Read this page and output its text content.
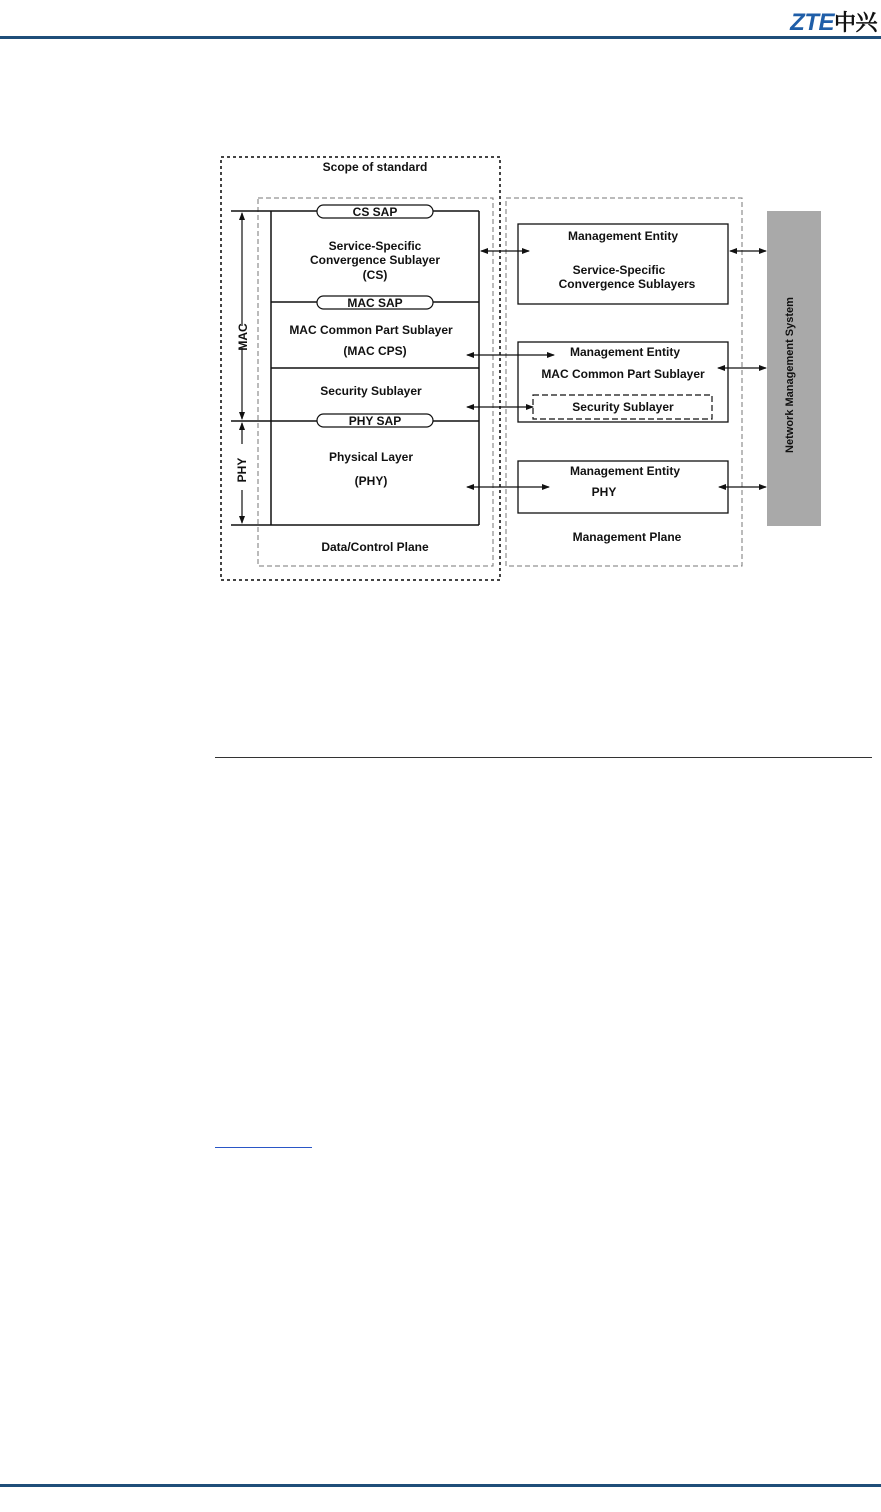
ZTE中兴
Scope of standard
CS SAP
MAC SAP
PHY SAP
Service-Specific
Convergence Sublayer
(CS)
MAC Common Part Sublayer
(MAC CPS)
Security Sublayer
Physical Layer
(PHY)
Data/Control Plane
MAC
PHY
Management Entity
Service-Specific
Convergence Sublayers
Management Entity
MAC Common Part Sublayer
Security Sublayer
Management Entity
PHY
Management Plane
Network Management System
